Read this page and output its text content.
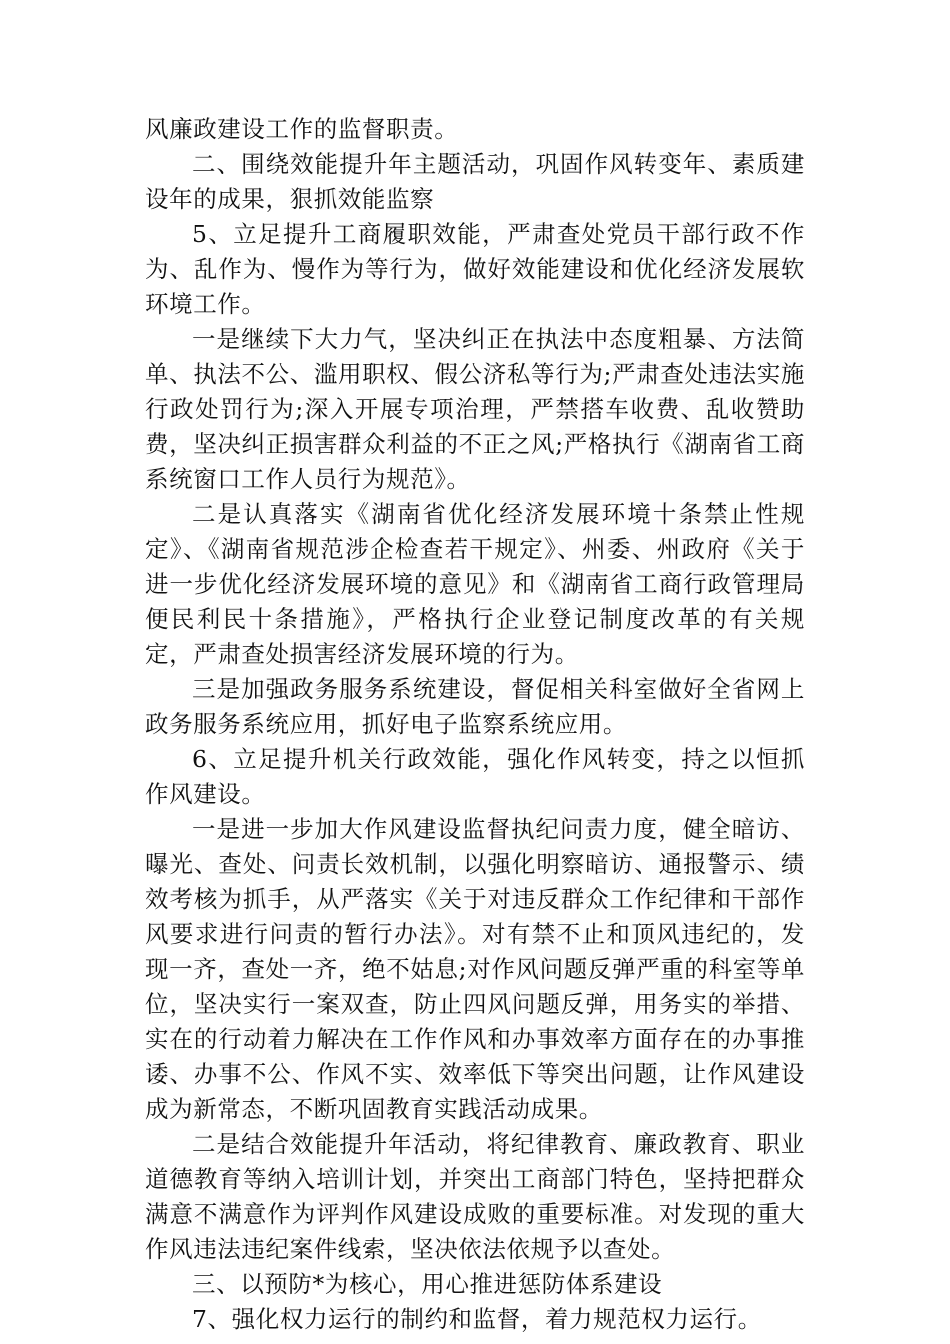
风廉政建设工作的监督职责。

二、围绕效能提升年主题活动，巩固作风转变年、素质建设年的成果，狠抓效能监察

5、立足提升工商履职效能，严肃查处党员干部行政不作为、乱作为、慢作为等行为，做好效能建设和优化经济发展软环境工作。

一是继续下大力气，坚决纠正在执法中态度粗暴、方法简单、执法不公、滥用职权、假公济私等行为;严肃查处违法实施行政处罚行为;深入开展专项治理，严禁搭车收费、乱收赞助费，坚决纠正损害群众利益的不正之风;严格执行《湖南省工商系统窗口工作人员行为规范》。

二是认真落实《湖南省优化经济发展环境十条禁止性规定》、《湖南省规范涉企检查若干规定》、州委、州政府《关于进一步优化经济发展环境的意见》和《湖南省工商行政管理局便民利民十条措施》，严格执行企业登记制度改革的有关规定，严肃查处损害经济发展环境的行为。

三是加强政务服务系统建设，督促相关科室做好全省网上政务服务系统应用，抓好电子监察系统应用。

6、立足提升机关行政效能，强化作风转变，持之以恒抓作风建设。

一是进一步加大作风建设监督执纪问责力度，健全暗访、曝光、查处、问责长效机制，以强化明察暗访、通报警示、绩效考核为抓手，从严落实《关于对违反群众工作纪律和干部作风要求进行问责的暂行办法》。对有禁不止和顶风违纪的，发现一齐，查处一齐，绝不姑息;对作风问题反弹严重的科室等单位，坚决实行一案双查，防止四风问题反弹，用务实的举措、实在的行动着力解决在工作作风和办事效率方面存在的办事推诿、办事不公、作风不实、效率低下等突出问题，让作风建设成为新常态，不断巩固教育实践活动成果。

二是结合效能提升年活动，将纪律教育、廉政教育、职业道德教育等纳入培训计划，并突出工商部门特色，坚持把群众满意不满意作为评判作风建设成败的重要标准。对发现的重大作风违法违纪案件线索，坚决依法依规予以查处。

三、以预防*为核心，用心推进惩防体系建设

7、强化权力运行的制约和监督，着力规范权力运行。
